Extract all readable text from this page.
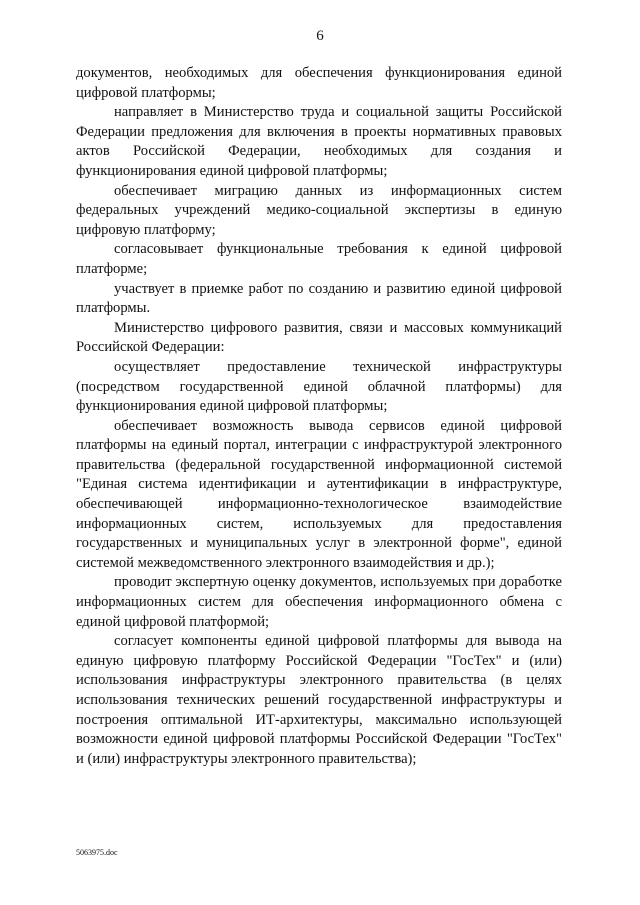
6

документов, необходимых для обеспечения функционирования единой цифровой платформы;

направляет в Министерство труда и социальной защиты Российской Федерации предложения для включения в проекты нормативных правовых актов Российской Федерации, необходимых для создания и функционирования единой цифровой платформы;

обеспечивает миграцию данных из информационных систем федеральных учреждений медико-социальной экспертизы в единую цифровую платформу;

согласовывает функциональные требования к единой цифровой платформе;

участвует в приемке работ по созданию и развитию единой цифровой платформы.

Министерство цифрового развития, связи и массовых коммуникаций Российской Федерации:

осуществляет предоставление технической инфраструктуры (посредством государственной единой облачной платформы) для функционирования единой цифровой платформы;

обеспечивает возможность вывода сервисов единой цифровой платформы на единый портал, интеграции с инфраструктурой электронного правительства (федеральной государственной информационной системой "Единая система идентификации и аутентификации в инфраструктуре, обеспечивающей информационно-технологическое взаимодействие информационных систем, используемых для предоставления государственных и муниципальных услуг в электронной форме", единой системой межведомственного электронного взаимодействия и др.);

проводит экспертную оценку документов, используемых при доработке информационных систем для обеспечения информационного обмена с единой цифровой платформой;

согласует компоненты единой цифровой платформы для вывода на единую цифровую платформу Российской Федерации "ГосТех" и (или) использования инфраструктуры электронного правительства (в целях использования технических решений государственной инфраструктуры и построения оптимальной ИТ-архитектуры, максимально использующей возможности единой цифровой платформы Российской Федерации "ГосТех" и (или) инфраструктуры электронного правительства);

5063975.doc
